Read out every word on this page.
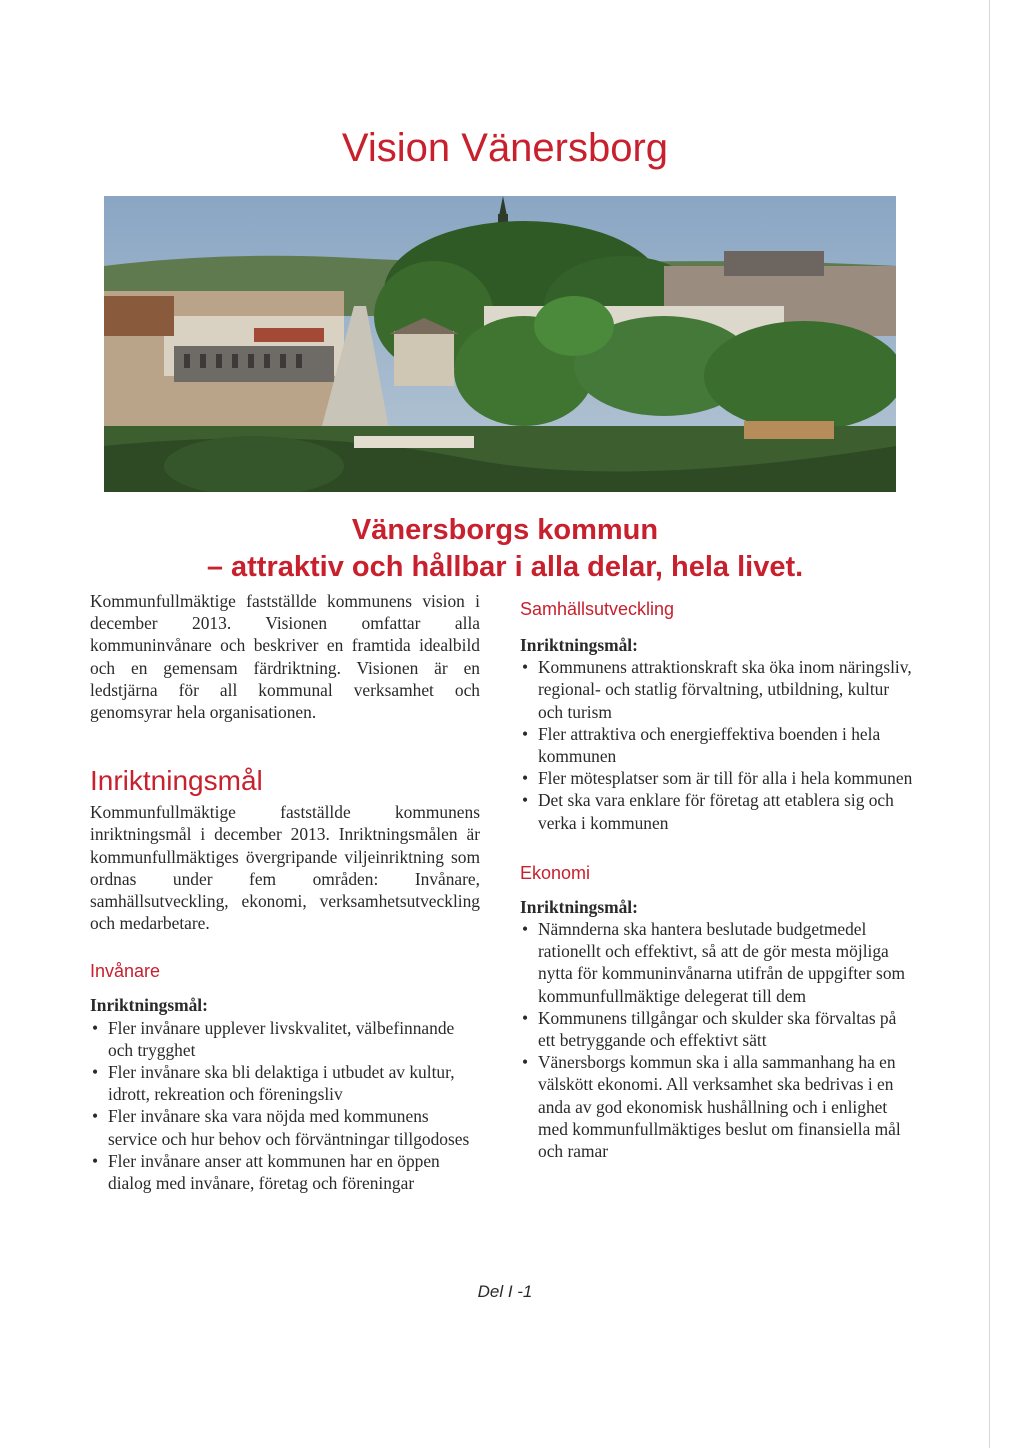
Vision Vänersborg
Vänersborgs kommun
– attraktiv och hållbar i alla delar, hela livet.

Kommunfullmäktige fastställde kommunens vision i december 2013. Visionen omfattar alla kommuninvånare och beskriver en framtida idealbild och en gemensam färdriktning. Visionen är en ledstjärna för all kommunal verksamhet och genomsyrar hela organisationen.

Inriktningsmål

Kommunfullmäktige fastställde kommunens inriktningsmål i december 2013. Inriktningsmålen är kommunfullmäktiges övergripande viljeinriktning som ordnas under fem områden: Invånare, samhällsutveckling, ekonomi, verksamhetsutveckling och medarbetare.

Invånare
Inriktningsmål:
• Fler invånare upplever livskvalitet, välbefinnande och trygghet
• Fler invånare ska bli delaktiga i utbudet av kultur, idrott, rekreation och föreningsliv
• Fler invånare ska vara nöjda med kommunens service och hur behov och förväntningar tillgodoses
• Fler invånare anser att kommunen har en öppen dialog med invånare, företag och föreningar
Samhällsutveckling
Inriktningsmål:
• Kommunens attraktionskraft ska öka inom näringsliv, regional- och statlig förvaltning, utbildning, kultur och turism
• Fler attraktiva och energieffektiva boenden i hela kommunen
• Fler mötesplatser som är till för alla i hela kommunen
• Det ska vara enklare för företag att etablera sig och verka i kommunen
Ekonomi
Inriktningsmål:
• Nämnderna ska hantera beslutade budgetmedel rationellt och effektivt, så att de gör mesta möjliga nytta för kommuninvånarna utifrån de uppgifter som kommunfullmäktige delegerat till dem
• Kommunens tillgångar och skulder ska förvaltas på ett betryggande och effektivt sätt
• Vänersborgs kommun ska i alla sammanhang ha en välskött ekonomi. All verksamhet ska bedrivas i en anda av god ekonomisk hushållning och i enlighet med kommunfullmäktiges beslut om finansiella mål och ramar
Del I -1
